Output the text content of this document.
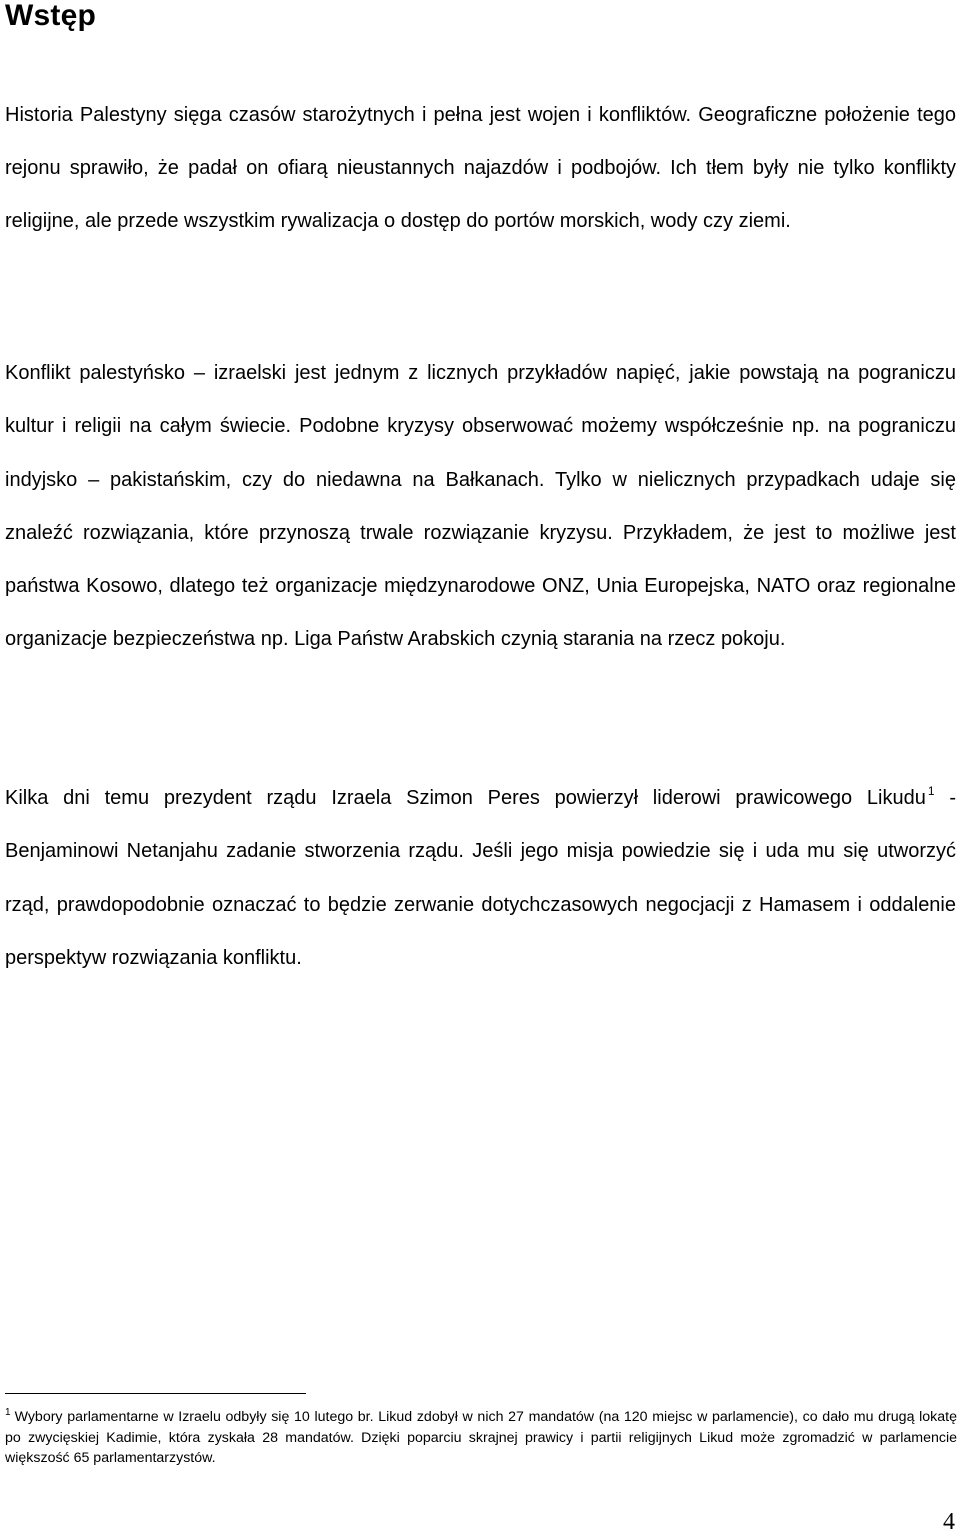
Wstęp

Historia Palestyny sięga czasów starożytnych i pełna jest wojen i konfliktów. Geograficzne położenie tego rejonu sprawiło, że padał on ofiarą nieustannych najazdów i podbojów. Ich tłem były nie tylko konflikty religijne, ale przede wszystkim rywalizacja o dostęp do portów morskich, wody czy ziemi.

Konflikt palestyńsko – izraelski jest jednym z licznych przykładów napięć, jakie powstają na pograniczu kultur i religii na całym świecie. Podobne kryzysy obserwować możemy współcześnie np. na pograniczu indyjsko – pakistańskim, czy do niedawna na Bałkanach. Tylko w nielicznych przypadkach udaje się znaleźć rozwiązania, które przynoszą trwale rozwiązanie kryzysu. Przykładem, że jest to możliwe jest państwa Kosowo, dlatego też organizacje międzynarodowe ONZ, Unia Europejska, NATO oraz regionalne organizacje bezpieczeństwa np. Liga Państw Arabskich czynią starania na rzecz pokoju.

Kilka dni temu prezydent rządu Izraela Szimon Peres powierzył liderowi prawicowego Likudu $^1$ - Benjaminowi Netanjahu zadanie stworzenia rządu. Jeśli jego misja powiedzie się i uda mu się utworzyć rząd, prawdopodobnie oznaczać to będzie zerwanie dotychczasowych negocjacji z Hamasem i oddalenie perspektyw rozwiązania konfliktu.

$^1$ Wybory parlamentarne w Izraelu odbyły się 10 lutego br. Likud zdobył w nich 27 mandatów (na 120 miejsc w parlamencie), co dało mu drugą lokatę po zwycięskiej Kadimie, która zyskała 28 mandatów. Dzięki poparciu skrajnej prawicy i partii religijnych Likud może zgromadzić w parlamencie większość 65 parlamentarzystów.

4
